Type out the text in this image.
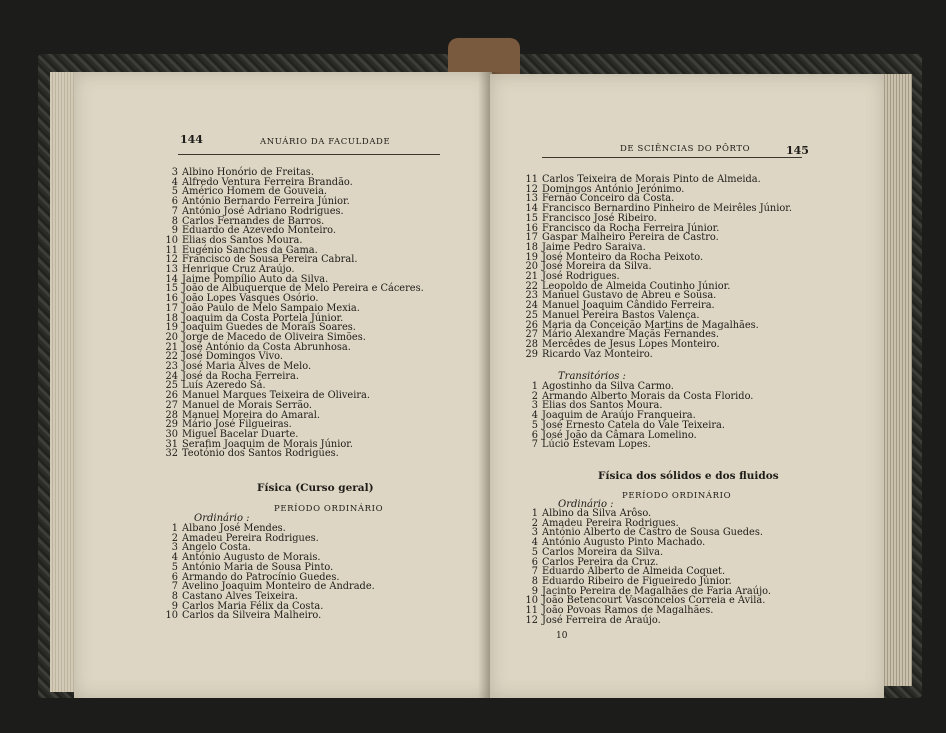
144	ANUÁRIO DA FACULDADE
3 Albino Honório de Freitas.
4 Alfredo Ventura Ferreira Brandão.
5 Américo Homem de Gouveia.
6 António Bernardo Ferreira Júnior.
7 António José Adriano Rodrigues.
8 Carlos Fernandes de Barros.
9 Eduardo de Azevedo Monteiro.
10 Elias dos Santos Moura.
11 Eugénio Sanches da Gama.
12 Francisco de Sousa Pereira Cabral.
13 Henrique Cruz Araújo.
14 Jaime Pompílio Auto da Silva.
15 João de Albuquerque de Melo Pereira e Cáceres.
16 João Lopes Vasques Osório.
17 João Paulo de Melo Sampaio Mexia.
18 Joaquim da Costa Portela Júnior.
19 Joaquim Guedes de Morais Soares.
20 Jorge de Macedo de Oliveira Simões.
21 José António da Costa Abrunhosa.
22 José Domingos Vivo.
23 José Maria Alves de Melo.
24 José da Rocha Ferreira.
25 Luís Azeredo Sá.
26 Manuel Marques Teixeira de Oliveira.
27 Manuel de Morais Serrão.
28 Manuel Moreira do Amaral.
29 Mário José Filgueiras.
30 Miguel Bacelar Duarte.
31 Serafim Joaquim de Morais Júnior.
32 Teotónio dos Santos Rodrigues.
Física (Curso geral)
PERÍODO ORDINÁRIO
Ordinário :
1 Albano José Mendes.
2 Amadeu Pereira Rodrigues.
3 Angelo Costa.
4 António Augusto de Morais.
5 António Maria de Sousa Pinto.
6 Armando do Patrocínio Guedes.
7 Avelino Joaquim Monteiro de Andrade.
8 Castano Alves Teixeira.
9 Carlos Maria Félix da Costa.
10 Carlos da Silveira Malheiro.
DE SCIÊNCIAS DO PÔRTO	145
11 Carlos Teixeira de Morais Pinto de Almeida.
12 Domingos António Jerónimo.
13 Fernão Conceiro da Costa.
14 Francisco Bernardino Pinheiro de Meirêles Júnior.
15 Francisco José Ribeiro.
16 Francisco da Rocha Ferreira Júnior.
17 Gaspar Malheiro Pereira de Castro.
18 Jaime Pedro Saraiva.
19 José Monteiro da Rocha Peixoto.
20 José Moreira da Silva.
21 José Rodrigues.
22 Leopoldo de Almeida Coutinho Júnior.
23 Manuel Gustavo de Abreu e Sousa.
24 Manuel Joaquim Cândido Ferreira.
25 Manuel Pereira Bastos Valença.
26 Maria da Conceição Martins de Magalhães.
27 Mário Alexandre Maçãs Fernandes.
28 Mercêdes de Jesus Lopes Monteiro.
29 Ricardo Vaz Monteiro.
Transitórios :
1 Agostinho da Silva Carmo.
2 Armando Alberto Morais da Costa Florido.
3 Elias dos Santos Moura.
4 Joaquim de Araújo Franqueira.
5 José Ernesto Catela do Vale Teixeira.
6 José João da Câmara Lomelino.
7 Lúcio Estevam Lopes.
Física dos sólidos e dos fluidos
PERÍODO ORDINÁRIO
Ordinário :
1 Albino da Silva Arôso.
2 Amadeu Pereira Rodrigues.
3 António Alberto de Castro de Sousa Guedes.
4 António Augusto Pinto Machado.
5 Carlos Moreira da Silva.
6 Carlos Pereira da Cruz.
7 Eduardo Alberto de Almeida Coquet.
8 Eduardo Ribeiro de Figueiredo Júnior.
9 Jacinto Pereira de Magalhães de Faria Araújo.
10 João Betencourt Vasconcelos Correia e Avila.
11 João Povoas Ramos de Magalhães.
12 José Ferreira de Araújo.
10
